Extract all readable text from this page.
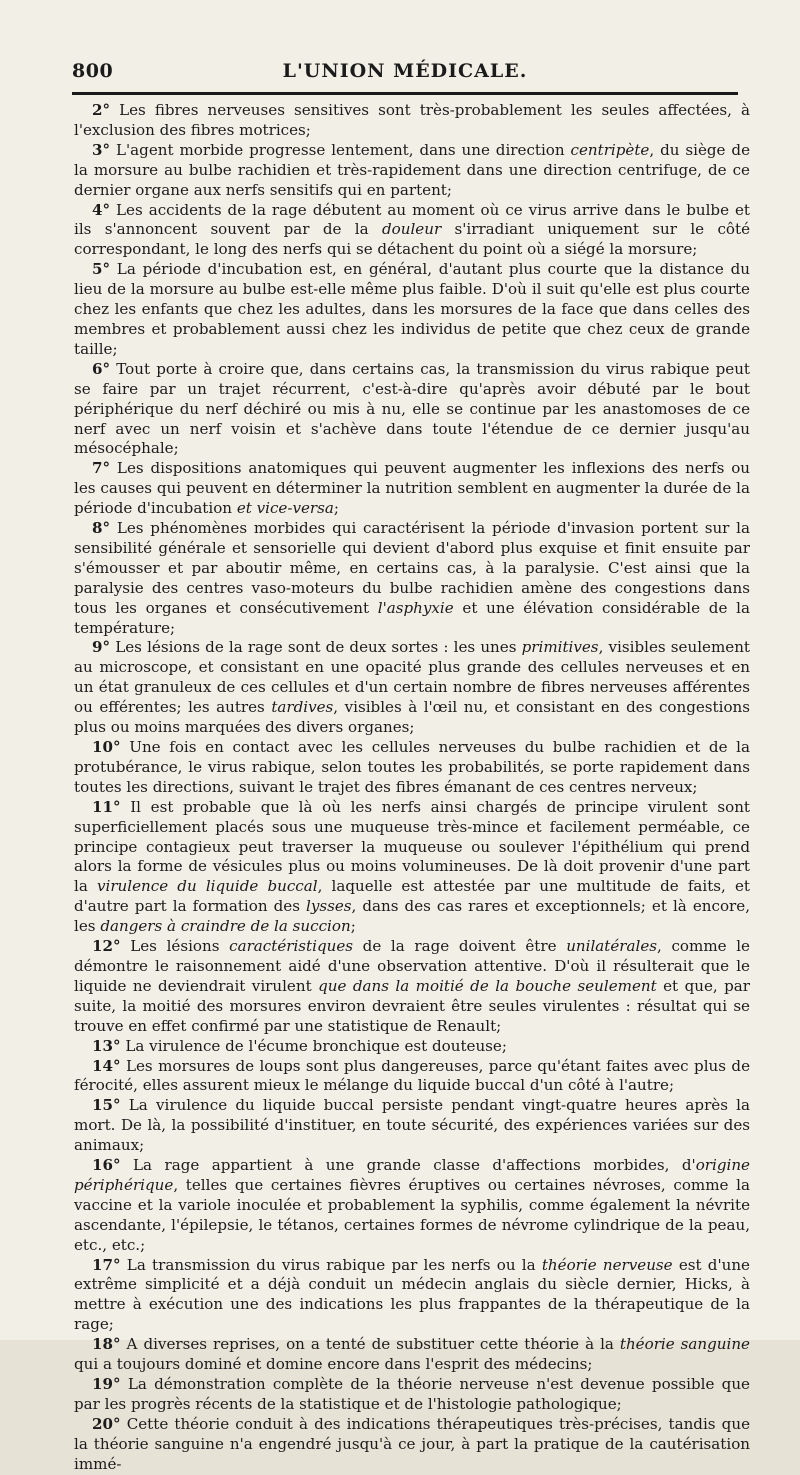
800	L'UNION MÉDICALE.

2° Les fibres nerveuses sensitives sont très-probablement les seules affectées, à l'exclusion des fibres motrices;

3° L'agent morbide progresse lentement, dans une direction centripète, du siège de la morsure au bulbe rachidien et très-rapidement dans une direction centrifuge, de ce dernier organe aux nerfs sensitifs qui en partent;

4° Les accidents de la rage débutent au moment où ce virus arrive dans le bulbe et ils s'annoncent souvent par de la douleur s'irradiant uniquement sur le côté correspondant, le long des nerfs qui se détachent du point où a siégé la morsure;

5° La période d'incubation est, en général, d'autant plus courte que la distance du lieu de la morsure au bulbe est-elle même plus faible. D'où il suit qu'elle est plus courte chez les enfants que chez les adultes, dans les morsures de la face que dans celles des membres et probablement aussi chez les individus de petite que chez ceux de grande taille;

6° Tout porte à croire que, dans certains cas, la transmission du virus rabique peut se faire par un trajet récurrent, c'est-à-dire qu'après avoir débuté par le bout périphérique du nerf déchiré ou mis à nu, elle se continue par les anastomoses de ce nerf avec un nerf voisin et s'achève dans toute l'étendue de ce dernier jusqu'au mésocéphale;

7° Les dispositions anatomiques qui peuvent augmenter les inflexions des nerfs ou les causes qui peuvent en déterminer la nutrition semblent en augmenter la durée de la période d'incubation et vice-versa;

8° Les phénomènes morbides qui caractérisent la période d'invasion portent sur la sensibilité générale et sensorielle qui devient d'abord plus exquise et finit ensuite par s'émousser et par aboutir même, en certains cas, à la paralysie. C'est ainsi que la paralysie des centres vaso-moteurs du bulbe rachidien amène des congestions dans tous les organes et consécutivement l'asphyxie et une élévation considérable de la température;

9° Les lésions de la rage sont de deux sortes : les unes primitives, visibles seulement au microscope, et consistant en une opacité plus grande des cellules nerveuses et en un état granuleux de ces cellules et d'un certain nombre de fibres nerveuses afférentes ou efférentes; les autres tardives, visibles à l'œil nu, et consistant en des congestions plus ou moins marquées des divers organes;

10° Une fois en contact avec les cellules nerveuses du bulbe rachidien et de la protubérance, le virus rabique, selon toutes les probabilités, se porte rapidement dans toutes les directions, suivant le trajet des fibres émanant de ces centres nerveux;

11° Il est probable que là où les nerfs ainsi chargés de principe virulent sont superficiellement placés sous une muqueuse très-mince et facilement perméable, ce principe contagieux peut traverser la muqueuse ou soulever l'épithélium qui prend alors la forme de vésicules plus ou moins volumineuses. De là doit provenir d'une part la virulence du liquide buccal, laquelle est attestée par une multitude de faits, et d'autre part la formation des lysses, dans des cas rares et exceptionnels; et là encore, les dangers à craindre de la succion;

12° Les lésions caractéristiques de la rage doivent être unilatérales, comme le démontre le raisonnement aidé d'une observation attentive. D'où il résulterait que le liquide ne deviendrait virulent que dans la moitié de la bouche seulement et que, par suite, la moitié des morsures environ devraient être seules virulentes : résultat qui se trouve en effet confirmé par une statistique de Renault;

13° La virulence de l'écume bronchique est douteuse;

14° Les morsures de loups sont plus dangereuses, parce qu'étant faites avec plus de férocité, elles assurent mieux le mélange du liquide buccal d'un côté à l'autre;

15° La virulence du liquide buccal persiste pendant vingt-quatre heures après la mort. De là, la possibilité d'instituer, en toute sécurité, des expériences variées sur des animaux;

16° La rage appartient à une grande classe d'affections morbides, d'origine périphérique, telles que certaines fièvres éruptives ou certaines névroses, comme la vaccine et la variole inoculée et probablement la syphilis, comme également la névrite ascendante, l'épilepsie, le tétanos, certaines formes de névrome cylindrique de la peau, etc., etc.;

17° La transmission du virus rabique par les nerfs ou la théorie nerveuse est d'une extrême simplicité et a déjà conduit un médecin anglais du siècle dernier, Hicks, à mettre à exécution une des indications les plus frappantes de la thérapeutique de la rage;

18° A diverses reprises, on a tenté de substituer cette théorie à la théorie sanguine qui a toujours dominé et domine encore dans l'esprit des médecins;

19° La démonstration complète de la théorie nerveuse n'est devenue possible que par les progrès récents de la statistique et de l'histologie pathologique;

20° Cette théorie conduit à des indications thérapeutiques très-précises, tandis que la théorie sanguine n'a engendré jusqu'à ce jour, à part la pratique de la cautérisation immé-
